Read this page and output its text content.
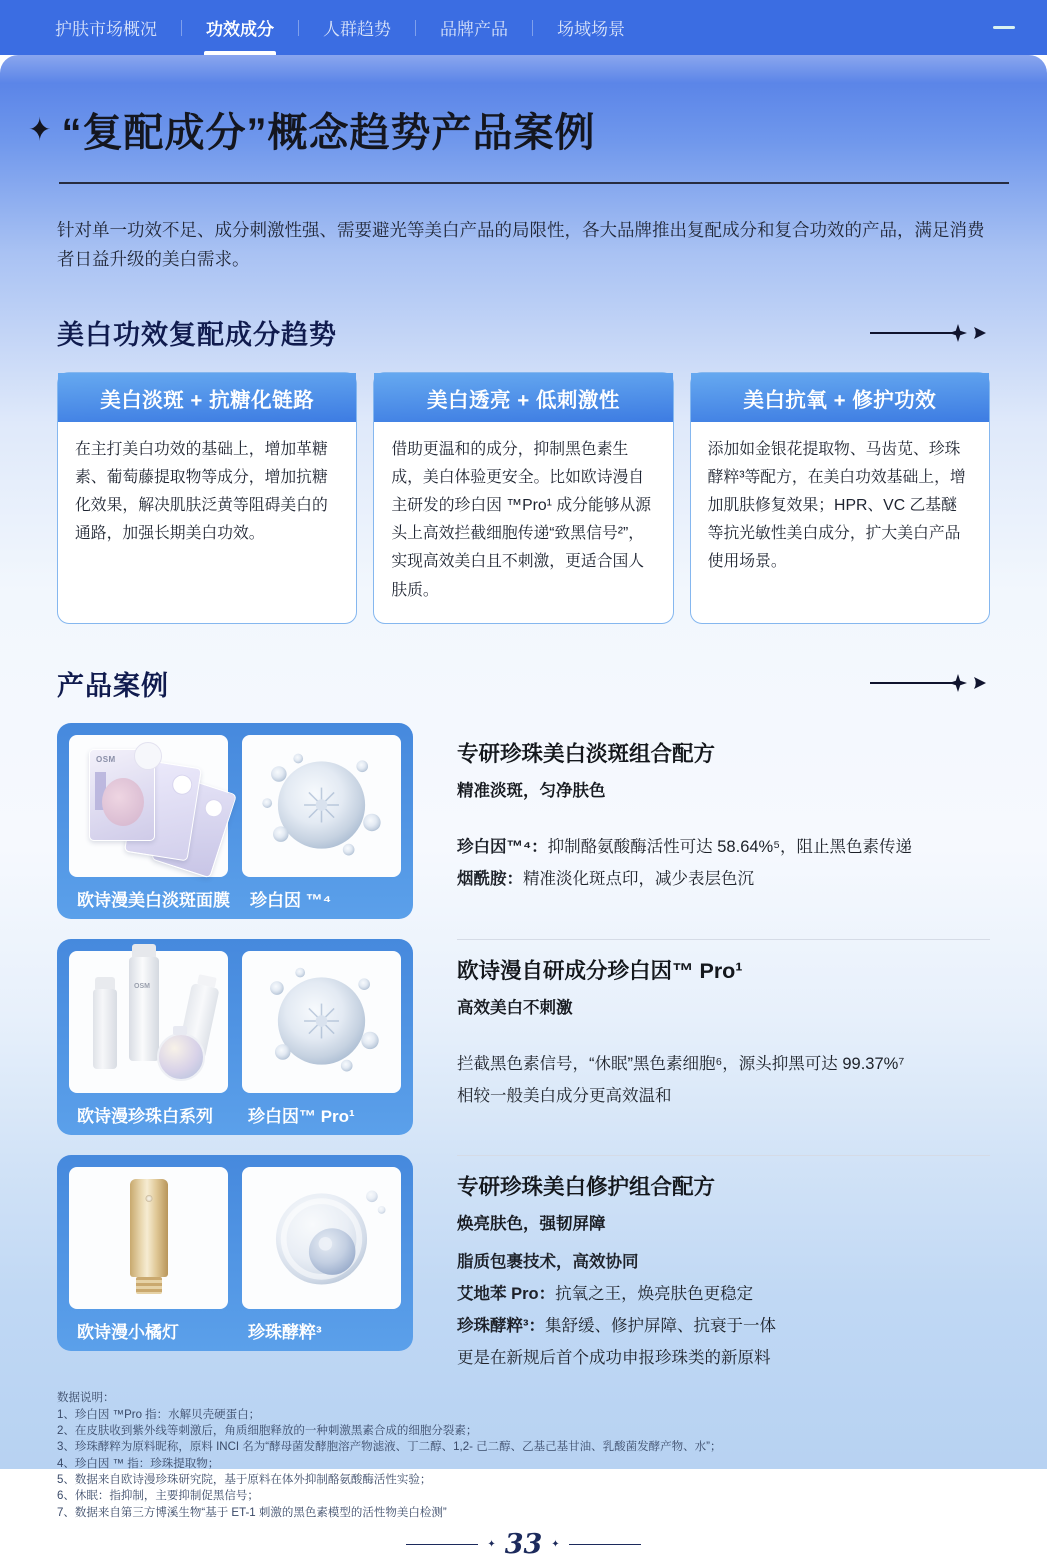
护肤市场概况	功效成分	人群趋势	品牌产品	场域场景
✦ “复配成分”概念趋势产品案例
针对单一功效不足、成分刺激性强、需要避光等美白产品的局限性，各大品牌推出复配成分和复合功效的产品，满足消费者日益升级的美白需求。
美白功效复配成分趋势
美白淡斑 + 抗糖化链路
在主打美白功效的基础上，增加革糖素、葡萄藤提取物等成分，增加抗糖化效果，解决肌肤泛黄等阻碍美白的通路，加强长期美白功效。
美白透亮 + 低刺激性
借助更温和的成分，抑制黑色素生成，美白体验更安全。比如欧诗漫自主研发的珍白因 ™Pro¹ 成分能够从源头上高效拦截细胞传递“致黑信号²”，实现高效美白且不刺激，更适合国人肤质。
美白抗氧 + 修护功效
添加如金银花提取物、马齿苋、珍珠酵粹³等配方，在美白功效基础上，增加肌肤修复效果；HPR、VC 乙基醚等抗光敏性美白成分，扩大美白产品使用场景。
产品案例
OSM
欧诗漫美白淡斑面膜	珍白因 ™⁴
专研珍珠美白淡斑组合配方
精准淡斑，匀净肤色
珍白因™⁴：抑制酪氨酸酶活性可达 58.64%⁵，阻止黑色素传递
烟酰胺：精准淡化斑点印，减少表层色沉
OSM
欧诗漫珍珠白系列	珍白因™ Pro¹
欧诗漫自研成分珍白因™ Pro¹
高效美白不刺激
拦截黑色素信号，“休眠”黑色素细胞⁶，源头抑黑可达 99.37%⁷
相较一般美白成分更高效温和
欧诗漫小橘灯	珍珠酵粹³
专研珍珠美白修护组合配方
焕亮肤色，强韧屏障
脂质包裹技术，高效协同
艾地苯 Pro：抗氧之王，焕亮肤色更稳定
珍珠酵粹³：集舒缓、修护屏障、抗衰于一体
更是在新规后首个成功申报珍珠类的新原料
数据说明：
1、珍白因 ™Pro 指：水解贝壳硬蛋白；
2、在皮肤收到紫外线等刺激后，角质细胞释放的一种刺激黑素合成的细胞分裂素；
3、珍珠酵粹为原料昵称，原料 INCI 名为“酵母菌发酵胞溶产物滤液、丁二醇、1,2- 己二醇、乙基己基甘油、乳酸菌发酵产物、水”；
4、珍白因 ™ 指：珍珠提取物；
5、数据来自欧诗漫珍珠研究院，基于原料在体外抑制酪氨酸酶活性实验；
6、休眠：指抑制，主要抑制促黑信号；
7、数据来自第三方博溪生物“基于 ET-1 刺激的黑色素模型的活性物美白检测”
✦ 33 ✦
